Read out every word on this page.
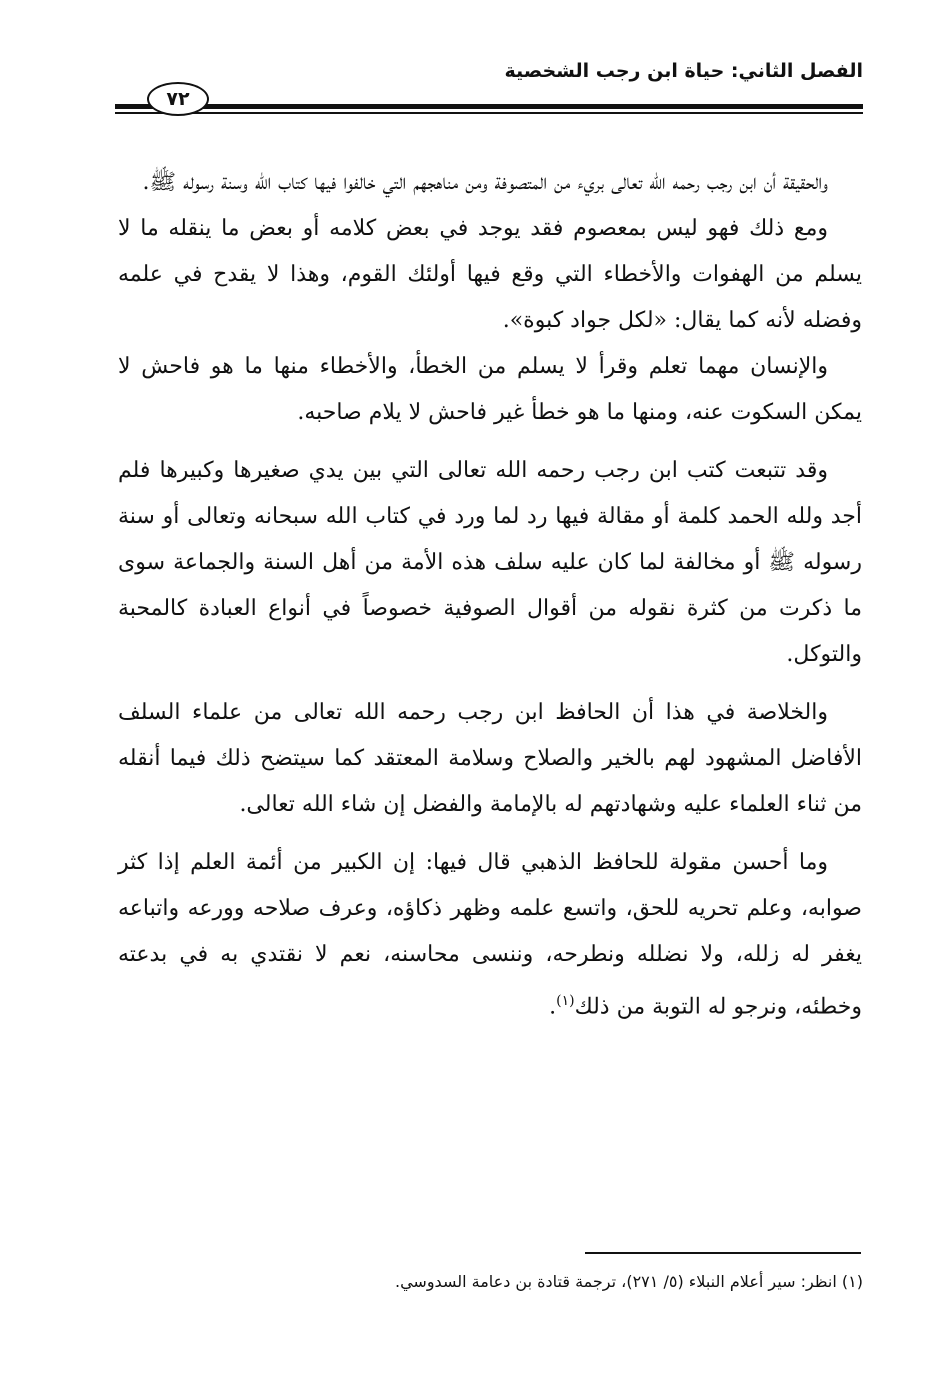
الفصل الثاني: حياة ابن رجب الشخصية
٧٢

والحقيقة أن ابن رجب رحمه الله تعالى بريء من المتصوفة ومن مناهجهم التي خالفوا فيها كتاب الله وسنة رسوله ﷺ.

ومع ذلك فهو ليس بمعصوم فقد يوجد في بعض كلامه أو بعض ما ينقله ما لا يسلم من الهفوات والأخطاء التي وقع فيها أولئك القوم، وهذا لا يقدح في علمه وفضله لأنه كما يقال: «لكل جواد كبوة».

والإنسان مهما تعلم وقرأ لا يسلم من الخطأ، والأخطاء منها ما هو فاحش لا يمكن السكوت عنه، ومنها ما هو خطأ غير فاحش لا يلام صاحبه.

وقد تتبعت كتب ابن رجب رحمه الله تعالى التي بين يدي صغيرها وكبيرها فلم أجد ولله الحمد كلمة أو مقالة فيها رد لما ورد في كتاب الله سبحانه وتعالى أو سنة رسوله ﷺ أو مخالفة لما كان عليه سلف هذه الأمة من أهل السنة والجماعة سوى ما ذكرت من كثرة نقوله من أقوال الصوفية خصوصاً في أنواع العبادة كالمحبة والتوكل.

والخلاصة في هذا أن الحافظ ابن رجب رحمه الله تعالى من علماء السلف الأفاضل المشهود لهم بالخير والصلاح وسلامة المعتقد كما سيتضح ذلك فيما أنقله من ثناء العلماء عليه وشهادتهم له بالإمامة والفضل إن شاء الله تعالى.

وما أحسن مقولة للحافظ الذهبي قال فيها: إن الكبير من أئمة العلم إذا كثر صوابه، وعلم تحريه للحق، واتسع علمه وظهر ذكاؤه، وعرف صلاحه وورعه واتباعه يغفر له زلله، ولا نضلله ونطرحه، وننسى محاسنه، نعم لا نقتدي به في بدعته وخطئه، ونرجو له التوبة من ذلك$^{(١)}$.

(١) انظر: سير أعلام النبلاء (٥/ ٢٧١)، ترجمة قتادة بن دعامة السدوسي.
